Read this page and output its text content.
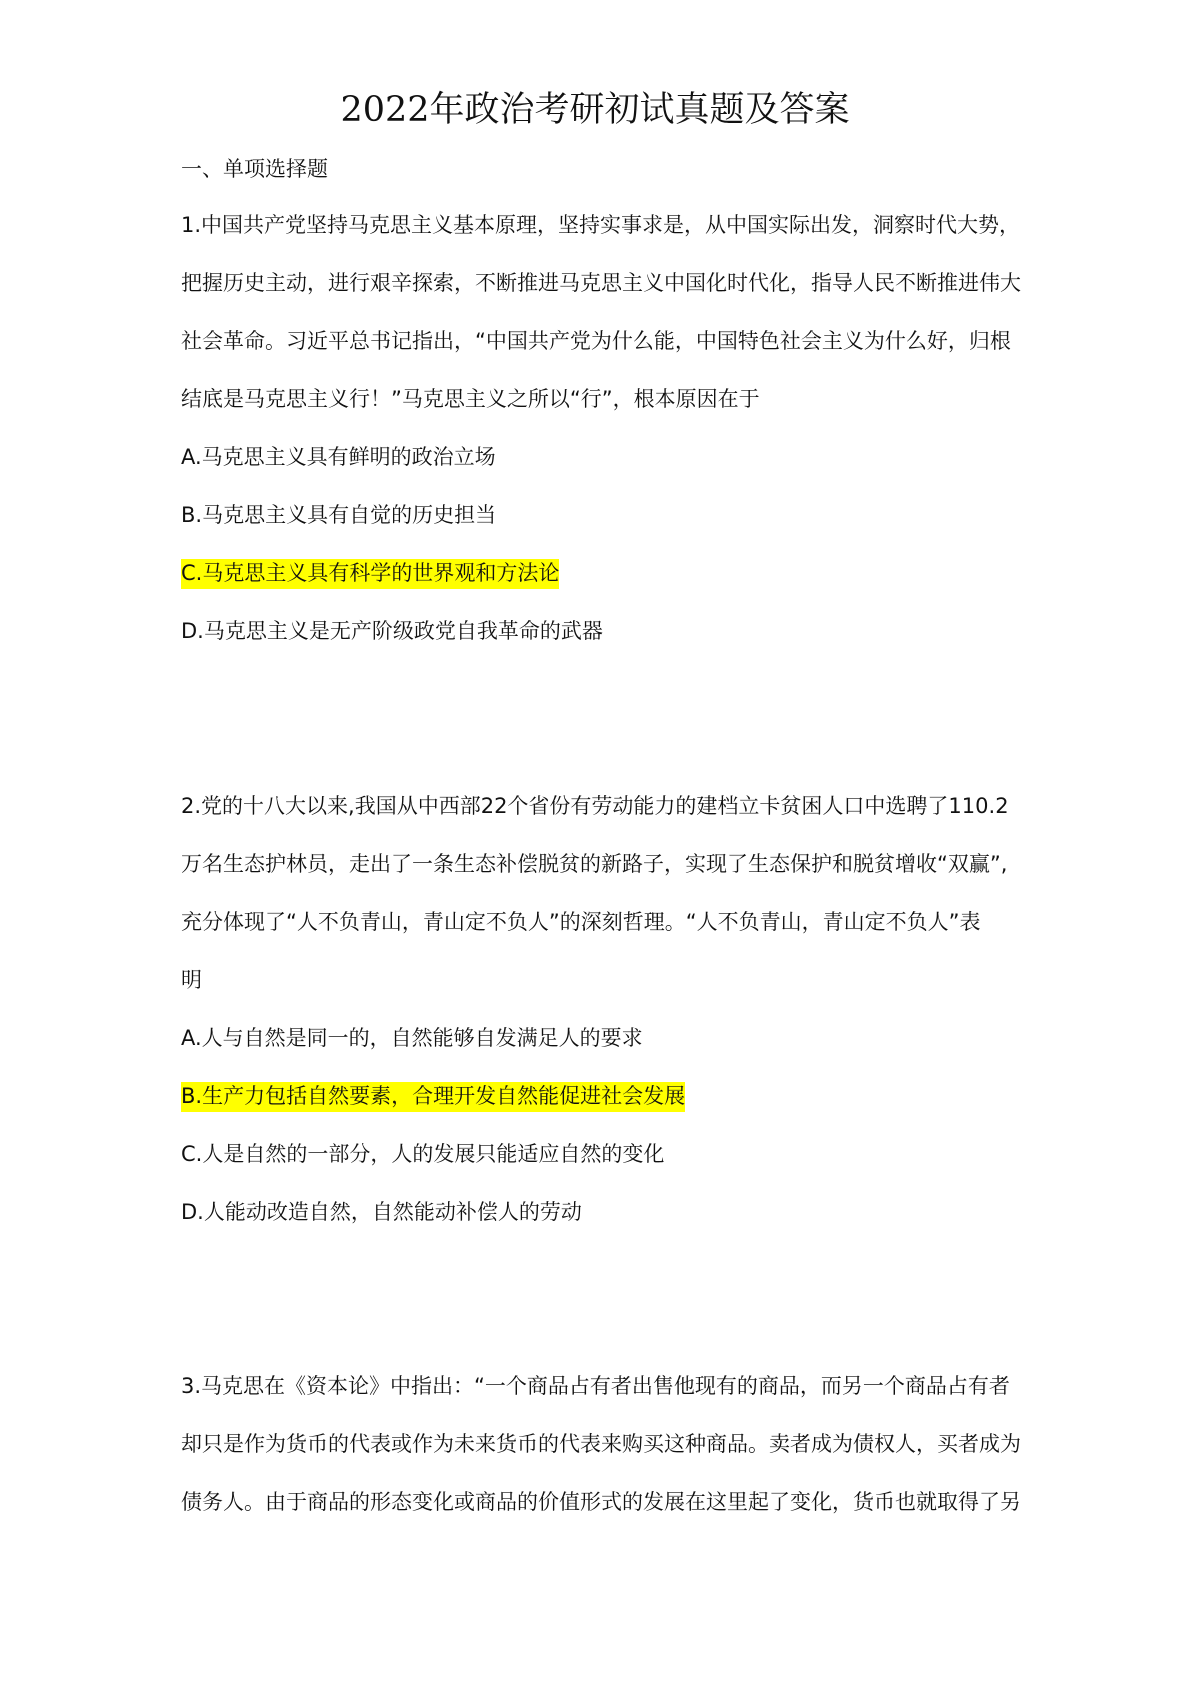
2022年政治考研初试真题及答案
一、单项选择题
1.中国共产党坚持马克思主义基本原理，坚持实事求是，从中国实际出发，洞察时代大势，
把握历史主动，进行艰辛探索，不断推进马克思主义中国化时代化，指导人民不断推进伟大
社会革命。习近平总书记指出，“中国共产党为什么能，中国特色社会主义为什么好，归根
结底是马克思主义行！”马克思主义之所以“行”，根本原因在于
A.马克思主义具有鲜明的政治立场
B.马克思主义具有自觉的历史担当
C.马克思主义具有科学的世界观和方法论
D.马克思主义是无产阶级政党自我革命的武器
2.党的十八大以来,我国从中西部22个省份有劳动能力的建档立卡贫困人口中选聘了110.2
万名生态护林员，走出了一条生态补偿脱贫的新路子，实现了生态保护和脱贫增收“双赢”,
充分体现了“人不负青山，青山定不负人”的深刻哲理。“人不负青山，青山定不负人”表
明
A.人与自然是同一的，自然能够自发满足人的要求
B.生产力包括自然要素，合理开发自然能促进社会发展
C.人是自然的一部分，人的发展只能适应自然的变化
D.人能动改造自然，自然能动补偿人的劳动
3.马克思在《资本论》中指出：“一个商品占有者出售他现有的商品，而另一个商品占有者
却只是作为货币的代表或作为未来货币的代表来购买这种商品。卖者成为债权人，买者成为
债务人。由于商品的形态变化或商品的价值形式的发展在这里起了变化，货币也就取得了另
